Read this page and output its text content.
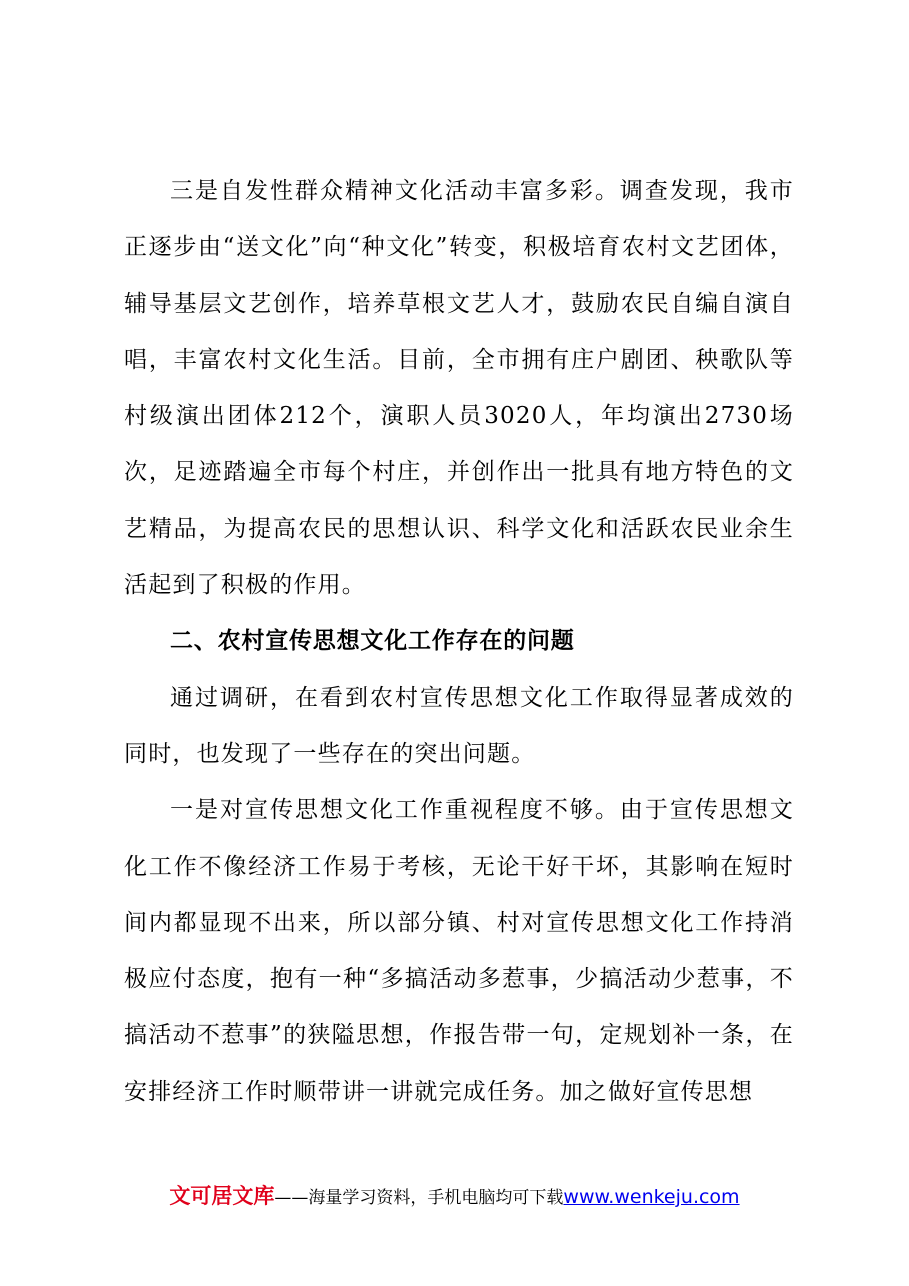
三是自发性群众精神文化活动丰富多彩。调查发现，我市正逐步由“送文化”向“种文化”转变，积极培育农村文艺团体，辅导基层文艺创作，培养草根文艺人才，鼓励农民自编自演自唱，丰富农村文化生活。目前，全市拥有庄户剧团、秧歌队等村级演出团体212个，演职人员3020人，年均演出2730场次，足迹踏遍全市每个村庄，并创作出一批具有地方特色的文艺精品，为提高农民的思想认识、科学文化和活跃农民业余生活起到了积极的作用。

二、农村宣传思想文化工作存在的问题

通过调研，在看到农村宣传思想文化工作取得显著成效的同时，也发现了一些存在的突出问题。

一是对宣传思想文化工作重视程度不够。由于宣传思想文化工作不像经济工作易于考核，无论干好干坏，其影响在短时间内都显现不出来，所以部分镇、村对宣传思想文化工作持消极应付态度，抱有一种“多搞活动多惹事，少搞活动少惹事，不搞活动不惹事”的狭隘思想，作报告带一句，定规划补一条，在安排经济工作时顺带讲一讲就完成任务。加之做好宣传思想

文可居文库——海量学习资料，手机电脑均可下载www.wenkeju.com
